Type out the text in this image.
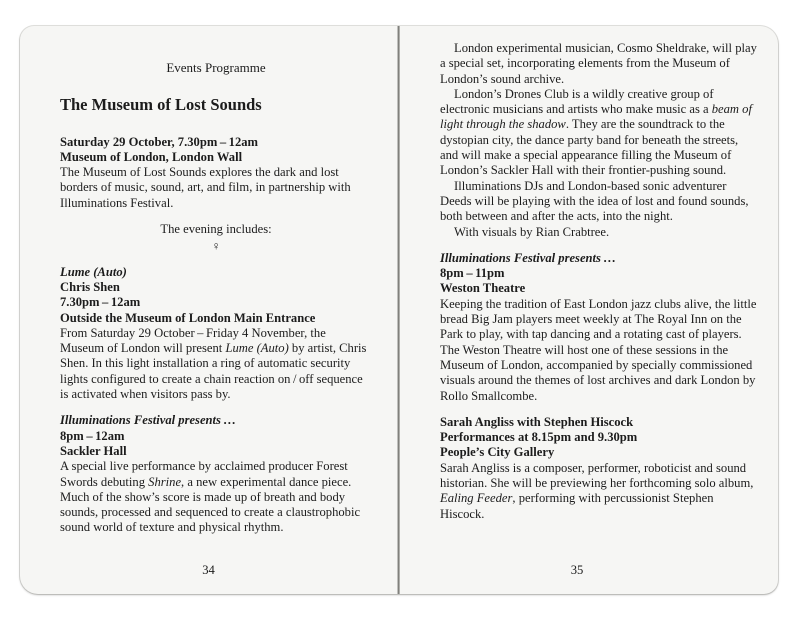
Events Programme

The Museum of Lost Sounds

Saturday 29 October, 7.30pm – 12am

Museum of London, London Wall

The Museum of Lost Sounds explores the dark and lost borders of music, sound, art, and film, in partnership with Illuminations Festival.

The evening includes:

♀

Lume (Auto)

Chris Shen

7.30pm – 12am

Outside the Museum of London Main Entrance

From Saturday 29 October – Friday 4 November, the Museum of London will present Lume (Auto) by artist, Chris Shen. In this light installation a ring of automatic security lights configured to create a chain reaction on / off sequence is activated when visitors pass by.

Illuminations Festival presents …

8pm – 12am

Sackler Hall

A special live performance by acclaimed producer Forest Swords debuting Shrine, a new experimental dance piece. Much of the show’s score is made up of breath and body sounds, processed and sequenced to create a claustrophobic sound world of texture and physical rhythm.

34

London experimental musician, Cosmo Sheldrake, will play a special set, incorporating elements from the Museum of London’s sound archive.

London’s Drones Club is a wildly creative group of electronic musicians and artists who make music as a beam of light through the shadow. They are the soundtrack to the dystopian city, the dance party band for beneath the streets, and will make a special appearance filling the Museum of London’s Sackler Hall with their frontier-pushing sound.

Illuminations DJs and London-based sonic adventurer Deeds will be playing with the idea of lost and found sounds, both between and after the acts, into the night.

With visuals by Rian Crabtree.

Illuminations Festival presents …

8pm – 11pm

Weston Theatre

Keeping the tradition of East London jazz clubs alive, the little bread Big Jam players meet weekly at The Royal Inn on the Park to play, with tap dancing and a rotating cast of players. The Weston Theatre will host one of these sessions in the Museum of London, accompanied by specially commissioned visuals around the themes of lost archives and dark London by Rollo Smallcombe.

Sarah Angliss with Stephen Hiscock

Performances at 8.15pm and 9.30pm

People’s City Gallery

Sarah Angliss is a composer, performer, roboticist and sound historian. She will be previewing her forthcoming solo album, Ealing Feeder, performing with percussionist Stephen Hiscock.

35
